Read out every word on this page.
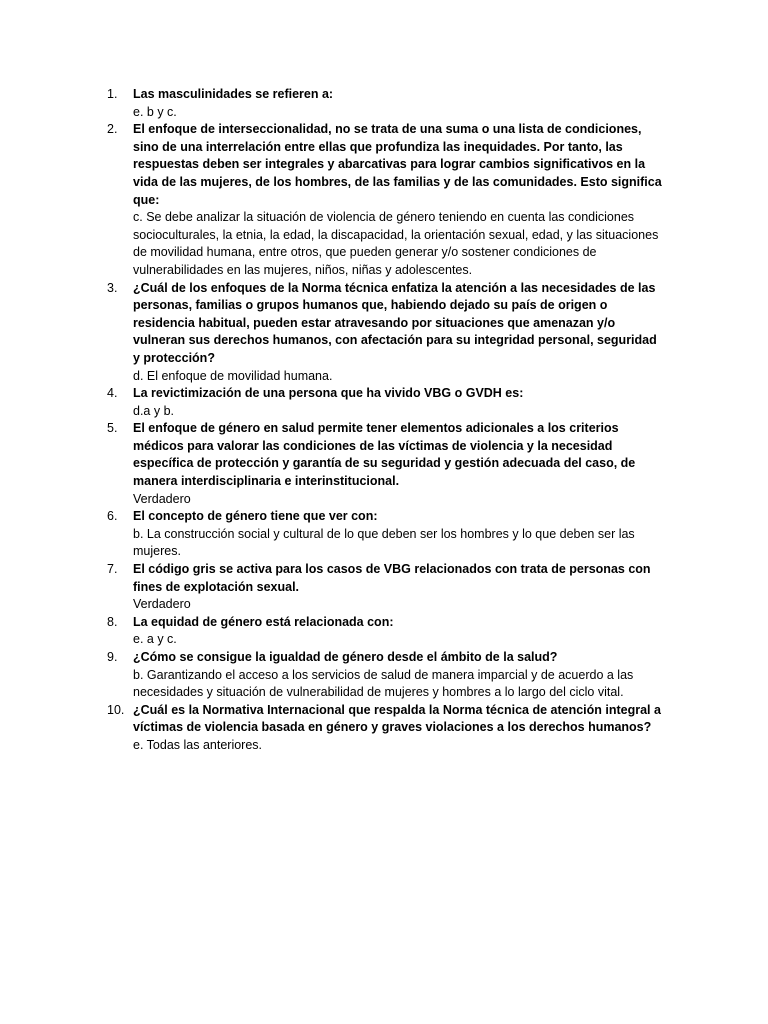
1.	Las masculinidades se refieren a:
e. b y c.
2.	El enfoque de interseccionalidad, no se trata de una suma o una lista de condiciones, sino de una interrelación entre ellas que profundiza las inequidades. Por tanto, las respuestas deben ser integrales y abarcativas para lograr cambios significativos en la vida de las mujeres, de los hombres, de las familias y de las comunidades. Esto significa que:
c. Se debe analizar la situación de violencia de género teniendo en cuenta las condiciones socioculturales, la etnia, la edad, la discapacidad, la orientación sexual, edad, y las situaciones de movilidad humana, entre otros, que pueden generar y/o sostener condiciones de vulnerabilidades en las mujeres, niños, niñas y adolescentes.
3.	¿Cuál de los enfoques de la Norma técnica enfatiza la atención a las necesidades de las personas, familias o grupos humanos que, habiendo dejado su país de origen o residencia habitual, pueden estar atravesando por situaciones que amenazan y/o vulneran sus derechos humanos, con afectación para su integridad personal, seguridad y protección?
d. El enfoque de movilidad humana.
4.	La revictimización de una persona que ha vivido VBG o GVDH es:
d.a y b.
5.	El enfoque de género en salud permite tener elementos adicionales a los criterios médicos para valorar las condiciones de las víctimas de violencia y la necesidad específica de protección y garantía de su seguridad y gestión adecuada del caso, de manera interdisciplinaria e interinstitucional.
Verdadero
6.	El concepto de género tiene que ver con:
b. La construcción social y cultural de lo que deben ser los hombres y lo que deben ser las mujeres.
7.	El código gris se activa para los casos de VBG relacionados con trata de personas con fines de explotación sexual.
Verdadero
8.	La equidad de género está relacionada con:
e. a y c.
9.	¿Cómo se consigue la igualdad de género desde el ámbito de la salud?
b. Garantizando el acceso a los servicios de salud de manera imparcial y de acuerdo a las necesidades y situación de vulnerabilidad de mujeres y hombres a lo largo del ciclo vital.
10. ¿Cuál es la Normativa Internacional que respalda la Norma técnica de atención integral a víctimas de violencia basada en género y graves violaciones a los derechos humanos?
e. Todas las anteriores.
